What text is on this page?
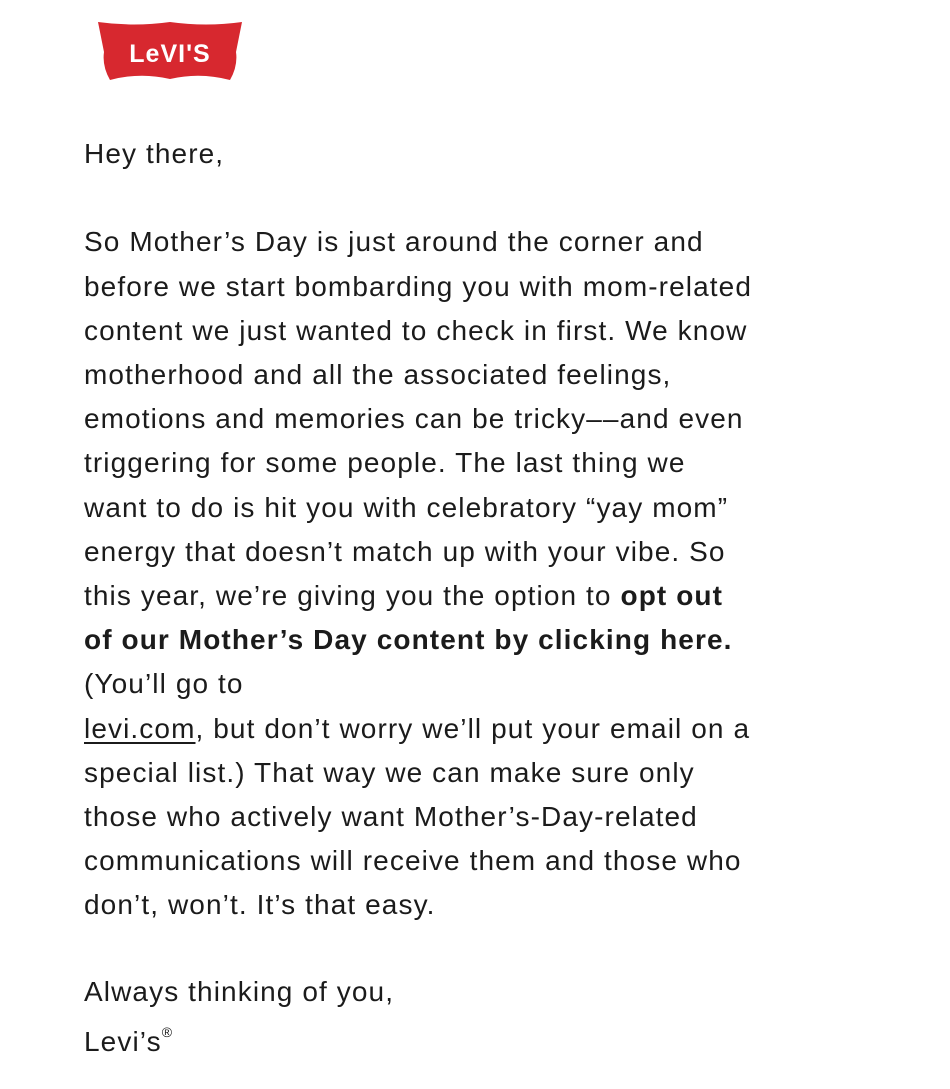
LeVI'S
Hey there,
So Mother’s Day is just around the corner and
before we start bombarding you with mom-related
content we just wanted to check in first. We know
motherhood and all the associated feelings,
emotions and memories can be tricky––and even
triggering for some people. The last thing we
want to do is hit you with celebratory “yay mom”
energy that doesn’t match up with your vibe. So
this year, we’re giving you the option to opt out
of our Mother’s Day content by clicking here.
(You’ll go to
levi.com, but don’t worry we’ll put your email on a
special list.) That way we can make sure only
those who actively want Mother’s-Day-related
communications will receive them and those who
don’t, won’t. It’s that easy.
Always thinking of you,
Levi’s®
